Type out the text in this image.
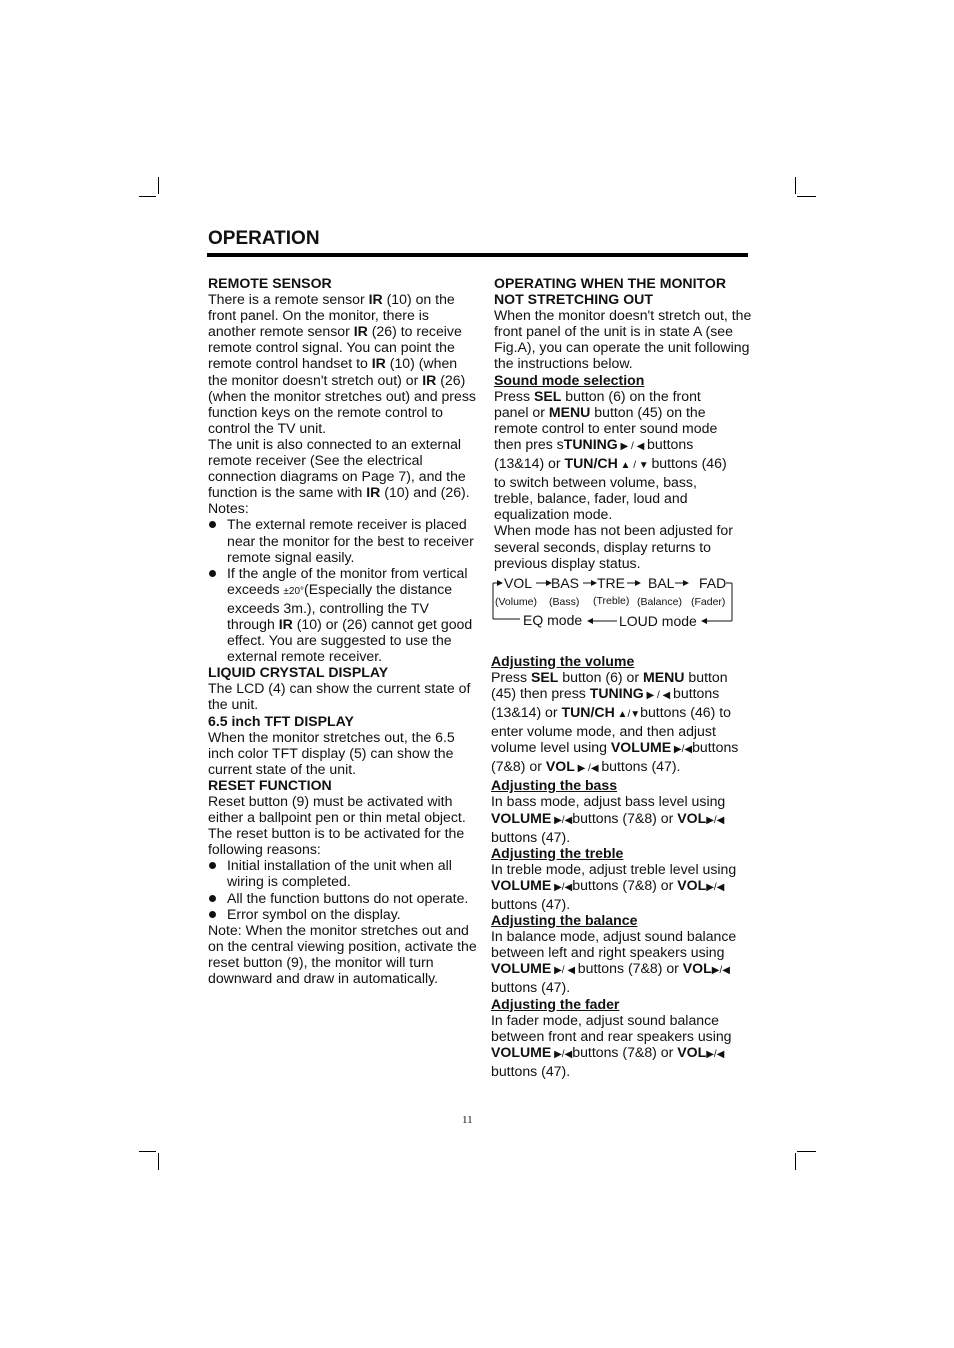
OPERATION
REMOTE SENSOR
There is a remote sensor IR (10) on the front panel. On the monitor, there is another remote sensor IR (26) to receive remote control signal. You can point the remote control handset to IR (10) (when the monitor doesn't stretch out) or IR (26) (when the monitor stretches out) and press function keys on the remote control to control the TV unit.
The unit is also connected to an external remote receiver (See the electrical connection diagrams on Page 7), and the function is the same with IR (10) and (26).
Notes:
The external remote receiver is placed near the monitor for the best to receiver remote signal easily.
If the angle of the monitor from vertical exceeds ±20°(Especially the distance exceeds 3m.), controlling the TV through IR (10) or (26) cannot get good effect. You are suggested to use the external remote receiver.
LIQUID CRYSTAL DISPLAY
The LCD (4) can show the current state of the unit.
6.5 inch TFT DISPLAY
When the monitor stretches out, the 6.5 inch color TFT display (5) can show the current state of the unit.
RESET FUNCTION
Reset button (9) must be activated with either a ballpoint pen or thin metal object. The reset button is to be activated for the following reasons:
Initial installation of the unit when all wiring is completed.
All the function buttons do not operate.
Error symbol on the display.
Note: When the monitor stretches out and on the central viewing position, activate the reset button (9), the monitor will turn downward and draw in automatically.
OPERATING WHEN THE MONITOR NOT STRETCHING OUT
When the monitor doesn't stretch out, the front panel of the unit is in state A (see Fig.A), you can operate the unit following the instructions below.
Sound mode selection
Press SEL button (6) on the front panel or MENU button (45) on the remote control to enter sound mode then pres sTUNING ▶ / ◀ buttons (13&14) or TUN/CH ▲ / ▼ buttons (46) to switch between volume, bass, treble, balance, fader, loud and equalization mode.
When mode has not been adjusted for several seconds, display returns to previous display status.
VOL BAS TRE BAL FAD
(Volume) (Bass) (Treble) (Balance) (Fader)
EQ mode	LOUD mode
Adjusting the volume
Press SEL button (6) or MENU button (45) then press TUNING ▶ / ◀ buttons (13&14) or TUN/CH ▲/▼buttons (46) to enter volume mode, and then adjust volume level using VOLUME ▶/◀buttons (7&8) or VOL ▶ /◀ buttons (47).
Adjusting the bass
In bass mode, adjust bass level using VOLUME ▶/◀buttons (7&8) or VOL▶/◀ buttons (47).
Adjusting the treble
In treble mode, adjust treble level using VOLUME ▶/◀buttons (7&8) or VOL▶/◀ buttons (47).
Adjusting the balance
In balance mode, adjust sound balance between left and right speakers using VOLUME ▶/ ◀ buttons (7&8) or VOL▶/◀ buttons (47).
Adjusting the fader
In fader mode, adjust sound balance between front and rear speakers using VOLUME ▶/◀buttons (7&8) or VOL▶/◀ buttons (47).
11
